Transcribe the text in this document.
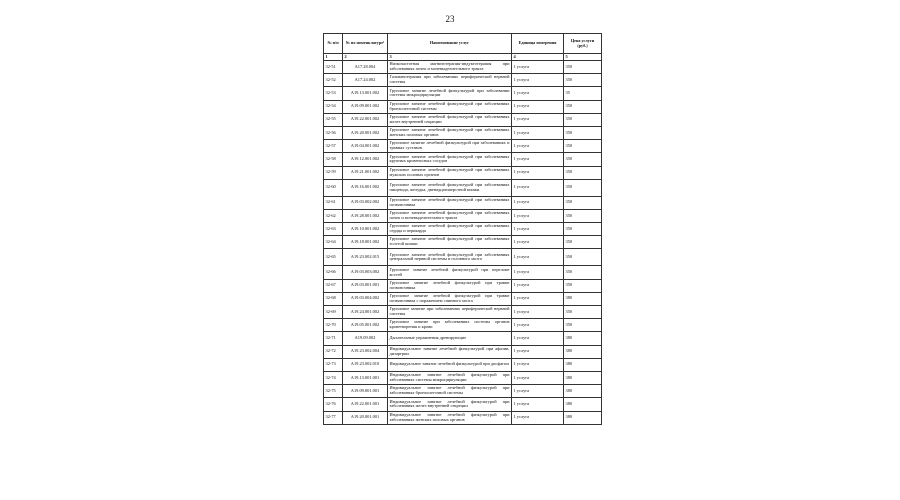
23
№ п/п	№ по номенклатуре¹	Наименование услуг	Единица измерения	Цена услуги (руб.)
1	2	3	4	5
32-51	A17.28.004	Низкочастотная магнитотерапия-индуктотерапия при заболеваниях почек и мочевыделительного тракта	1 услуга	350
32-52	A17.24.002	Гальванотерапия при заболеваниях периферической нервной системы	1 услуга	350
32-53	A19.13.001.002	Групповое занятие лечебной физкультурой при заболевании системы микроциркуляции	1 услуга	35
32-54	A19.09.001.002	Групповое занятие лечебной физкультурой при заболеваниях бронхолегочной системы	1 услуга	350
32-55	A19.22.001.002	Групповое занятие лечебной физкультурой при заболеваниях желез внутренней секреции	1 услуга	350
32-56	A19.20.001.002	Групповое занятие лечебной физкультурой при заболеваниях женских половых органов	1 услуга	350
32-57	A19.04.001.002	Групповое занятие лечебной физкультурой при заболеваниях и травмах суставов	1 услуга	350
32-58	A19.12.001.002	Групповое занятие лечебной физкультурой при заболеваниях крупных кровеносных сосудов	1 услуга	350
32-59	A19.21.001.002	Групповое занятие лечебной физкультурой при заболеваниях мужских половых органов	1 услуга	350
32-60	A19.16.001.002	Групповое занятие лечебной физкультурой при заболеваниях пищевода, желудка, двенадцатиперстной кишки	1 услуга	350
32-61	A19.03.002.002	Групповое занятие лечебной физкультурой при заболеваниях позвоночника	1 услуга	350
32-62	A19.28.001.002	Групповое занятие лечебной физкультурой при заболеваниях почек и мочевыделительного тракта	1 услуга	350
32-63	A19.10.001.002	Групповое занятие лечебной физкультурой при заболеваниях сердца и перикарда	1 услуга	350
32-64	A19.18.001.002	Групповое занятие лечебной физкультурой при заболеваниях толстой кишки	1 услуга	350
32-65	A19.23.002.015	Групповое занятие лечебной физкультурой при заболеваниях центральной нервной системы и головного мозга	1 услуга	350
32-66	A19.03.003.002	Групповое занятие лечебной физкультурой при переломе костей	1 услуга	350
32-67	A19.03.001.001	Групповое занятие лечебной физкультурой при травме позвоночника	1 услуга	350
32-68	A19.03.004.002	Групповое занятие лечебной физкультурой при травме позвоночника с поражением спинного мозга	1 услуга	380
32-69	A19.24.001.002	Групповое занятие при заболеваниях периферической нервной системы	1 услуга	350
32-70	A19.05.001.002	Групповое занятие при заболеваниях системы органов кроветворения и крови	1 услуга	350
32-71	A19.09.002	Дыхательные упражнения дренирующие	1 услуга	380
32-72	A19.23.002.004	Индивидуальное занятие лечебной физкультурой при афазии, дизартрии	1 услуга	380
32-73	A19.23.002.010	Индивидуальное занятие лечебной физкультурой при дисфагии	1 услуга	380
32-74	A19.13.001.001	Индивидуальное занятие лечебной физкультурой при заболеваниях системы микроциркуляции	1 услуга	380
32-75	A19.09.001.001	Индивидуальное занятие лечебной физкультурой при заболеваниях бронхолегочной системы	1 услуга	380
32-76	A19.22.001.001	Индивидуальное занятие лечебной физкультурой при заболеваниях желез внутренней секреции	1 услуга	380
32-77	A19.20.001.001	Индивидуальное занятие лечебной физкультурой при заболеваниях женских половых органов	1 услуга	380
